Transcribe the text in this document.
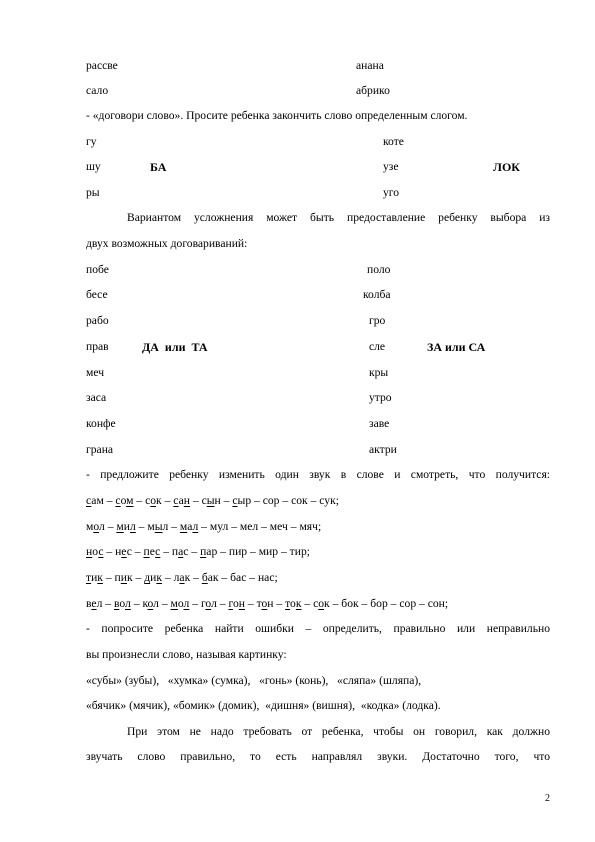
рассве	анана
сало	абрико
- «договори слово». Просите ребенка закончить слово определенным слогом.
гу	коте
шу	БА	узе	ЛОК
ры	уго
Вариантом усложнения может быть предоставление ребенку выбора из
двух возможных договариваний:
побе	поло
бесе	колба
рабо	гро
прав	ДА или ТА	сле	ЗА или СА
меч	кры
заса	утро
конфе	заве
грана	актри
- предложите ребенку изменить один звук в слове и смотреть, что получится:
сам – сом – сок – сан – сын – сыр – сор – сок – сук;
мол – мил – мыл – мал – мул – мел – меч – мяч;
нос – нес – пес – пас – пар – пир – мир – тир;
тик – пик – дик – лак – бак – бас – нас;
вел – вол – кол – мол – гол – гон – тон – ток – сок – бок – бор – сор – сон;
- попросите ребенка найти ошибки – определить, правильно или неправильно
вы произнесли слово, называя картинку:
«субы» (зубы),   «хумка» (сумка),   «гонь» (конь),   «сляпа» (шляпа),
«бячик» (мячик), «бомик» (домик),  «дишня» (вишня),  «кодка» (лодка).
При этом не надо требовать от ребенка, чтобы он говорил, как должно
звучать слово правильно, то есть направлял звуки. Достаточно того, что
2
